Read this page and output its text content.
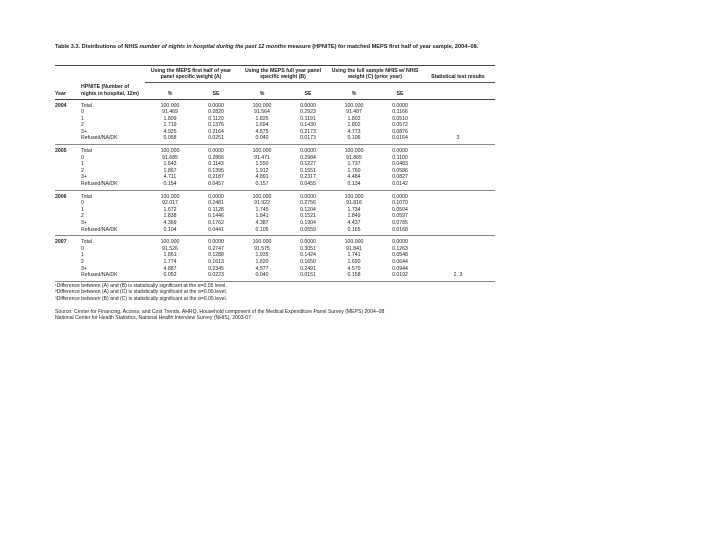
Table 3.3. Distributions of NHIS number of nights in hospital during the past 12 months measure (HPNITE) for matched MEPS first half of year sample, 2004–08.

		Using the MEPS first half of year panel specific weight (A)		Using the MEPS full year panel specific weight (B)		Using the full sample NHIS w/ NHIS weight (C) (prior year)		Statistical test results
Year	HPNITE (Number of nights in hospital, 12m)	%	SE	%	SE	%	SE	

2004	Total	100.000	0.0000	100.000	0.0000	100.000	0.0000	
	0	91.469	0.2820	91.564	0.2923	91.487	0.1166	
	1	1.809	0.1120	1.825	0.1191	1.802	0.0510	
	2	1.719	0.1376	1.694	0.1430	1.802	0.0572	
	3+	4.925	0.2164	4.875	0.2173	4.773	0.0876	
	Refused/NA/DK	0.058	0.0251	0.040	0.0173	0.106	0.0164	3
2005	Total	100.000	0.0000	100.000	0.0000	100.000	0.0000	
	0	91.685	0.2866	91.471	0.2984	91.865	0.1100	
	1	1.643	0.1143	1.550	0.1227	1.737	0.0483	
	2	1.867	0.1395	1.912	0.1551	1.760	0.0586	
	3+	4.711	0.2187	4.891	0.2317	4.484	0.0827	
	Refused/NA/DK	0.154	0.0457	0.157	0.0455	0.134	0.0142	
2006	Total	100.000	0.0000	100.000	0.0000	100.000	0.0000	
	0	92.017	0.2481	91.922	0.2756	91.816	0.1070	
	1	1.672	0.1128	1.745	0.1204	1.734	0.0504	
	2	1.838	0.1446	1.841	0.1521	1.849	0.0597	
	3+	4.369	0.1762	4.387	0.1904	4.437	0.0785	
	Refused/NA/DK	0.104	0.0441	0.105	0.0559	0.165	0.0168	
2007	Total	100.000	0.0000	100.000	0.0000	100.000	0.0000	
	0	91.526	0.2747	91.575	0.3051	91.841	0.1263	
	1	1.861	0.1288	1.935	0.1424	1.741	0.0548	
	2	1.774	0.1613	1.820	0.1650	1.690	0.0644	
	3+	4.887	0.2345	4.577	0.2491	4.570	0.0944	
	Refused/NA/DK	0.052	0.0223	0.040	0.0151	0.158	0.0192	2, 3
¹Difference between (A) and (B) is statistically significant at the α=0.05 level.
²Difference between (A) and (C) is statistically significant at the α=0.05 level.
³Difference between (B) and (C) is statistically significant at the α=0.05 level.
Source: Center for Financing, Access, and Cost Trends, AHRQ, Household component of the Medical Expenditure Panel Survey (MEPS) 2004–08
National Center for Health Statistics, National Health Interview Survey (NHIS), 2003-07
